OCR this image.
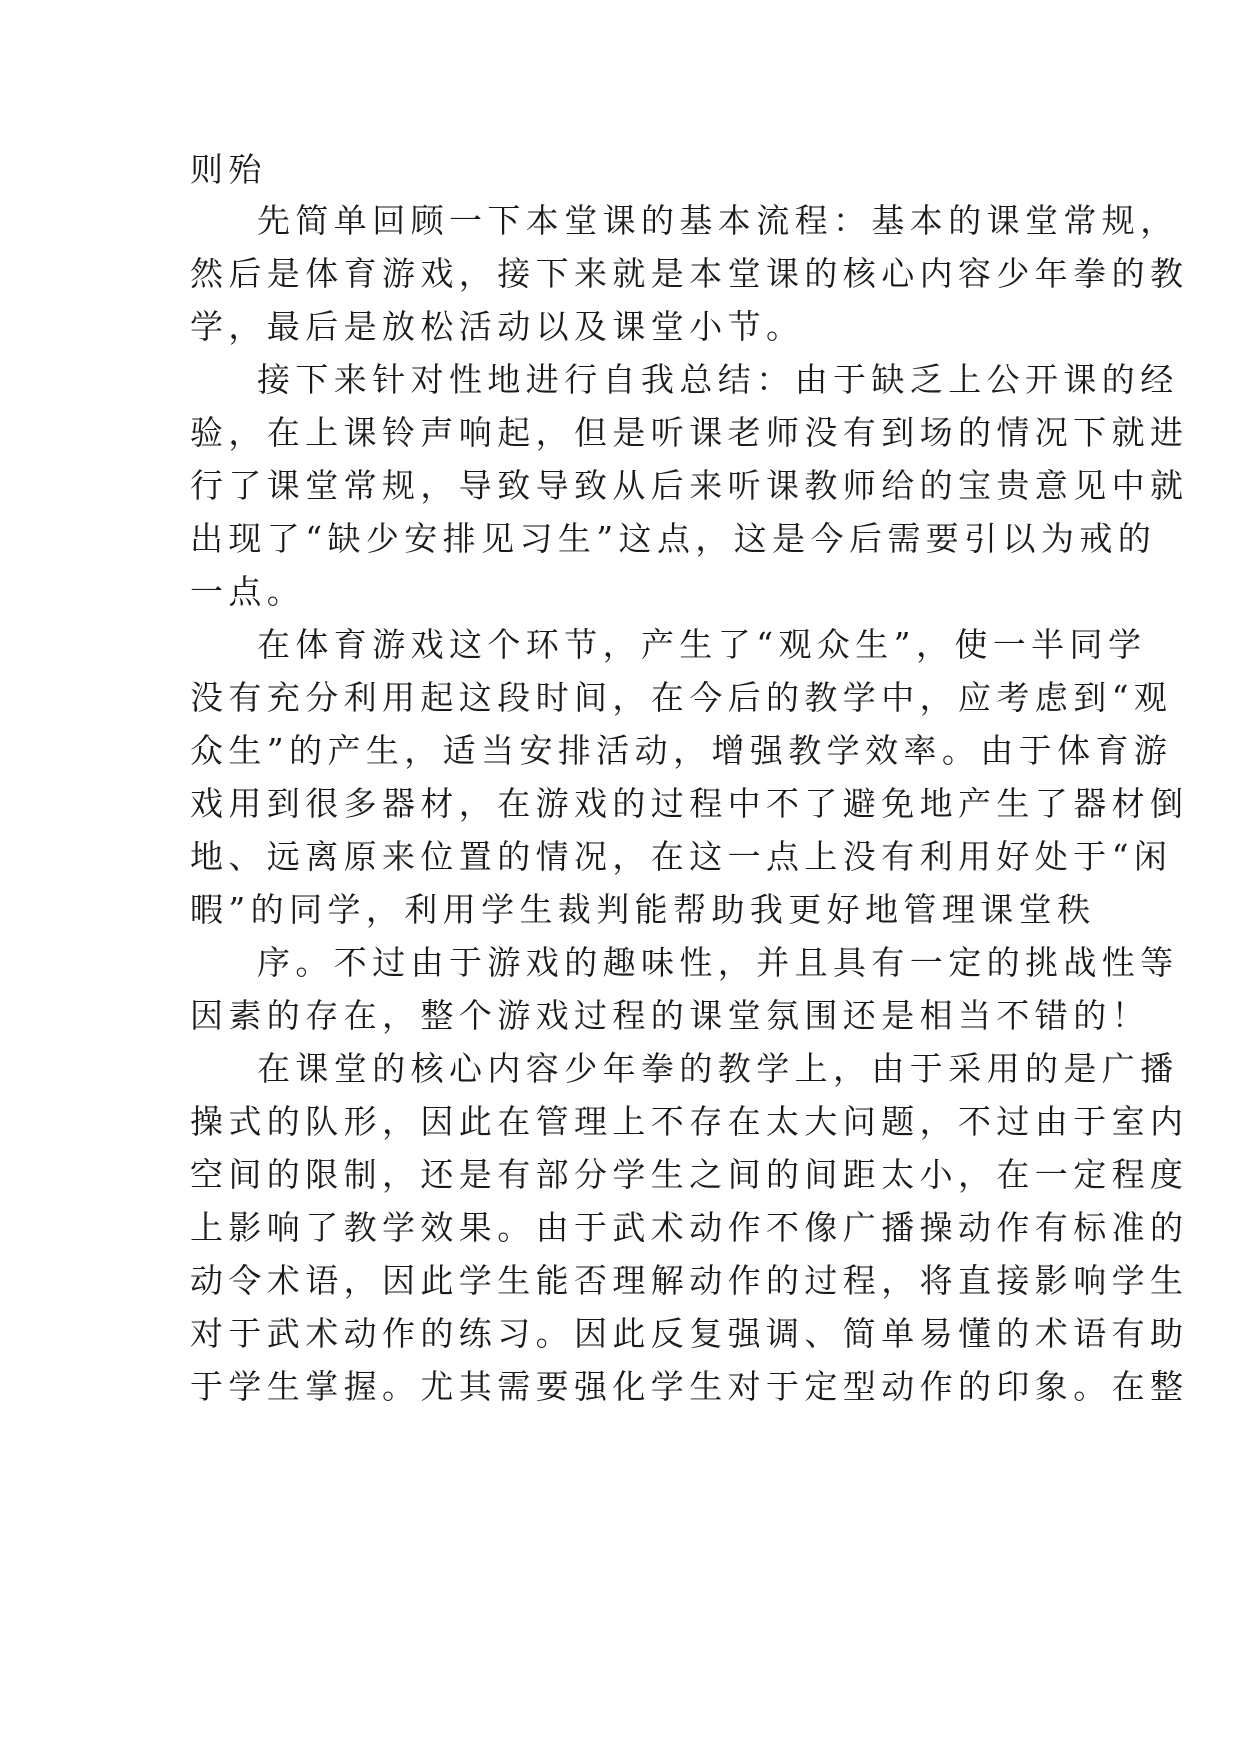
则殆
先简单回顾一下本堂课的基本流程：基本的课堂常规，
然后是体育游戏，接下来就是本堂课的核心内容少年拳的教
学，最后是放松活动以及课堂小节。
接下来针对性地进行自我总结：由于缺乏上公开课的经
验，在上课铃声响起，但是听课老师没有到场的情况下就进
行了课堂常规，导致导致从后来听课教师给的宝贵意见中就
出现了“缺少安排见习生”这点，这是今后需要引以为戒的
一点。
在体育游戏这个环节，产生了“观众生”，使一半同学
没有充分利用起这段时间，在今后的教学中，应考虑到“观
众生”的产生，适当安排活动，增强教学效率。由于体育游
戏用到很多器材，在游戏的过程中不了避免地产生了器材倒
地、远离原来位置的情况，在这一点上没有利用好处于“闲
暇”的同学，利用学生裁判能帮助我更好地管理课堂秩
序。不过由于游戏的趣味性，并且具有一定的挑战性等
因素的存在，整个游戏过程的课堂氛围还是相当不错的！
在课堂的核心内容少年拳的教学上，由于采用的是广播
操式的队形，因此在管理上不存在太大问题，不过由于室内
空间的限制，还是有部分学生之间的间距太小，在一定程度
上影响了教学效果。由于武术动作不像广播操动作有标准的
动令术语，因此学生能否理解动作的过程，将直接影响学生
对于武术动作的练习。因此反复强调、简单易懂的术语有助
于学生掌握。尤其需要强化学生对于定型动作的印象。在整
